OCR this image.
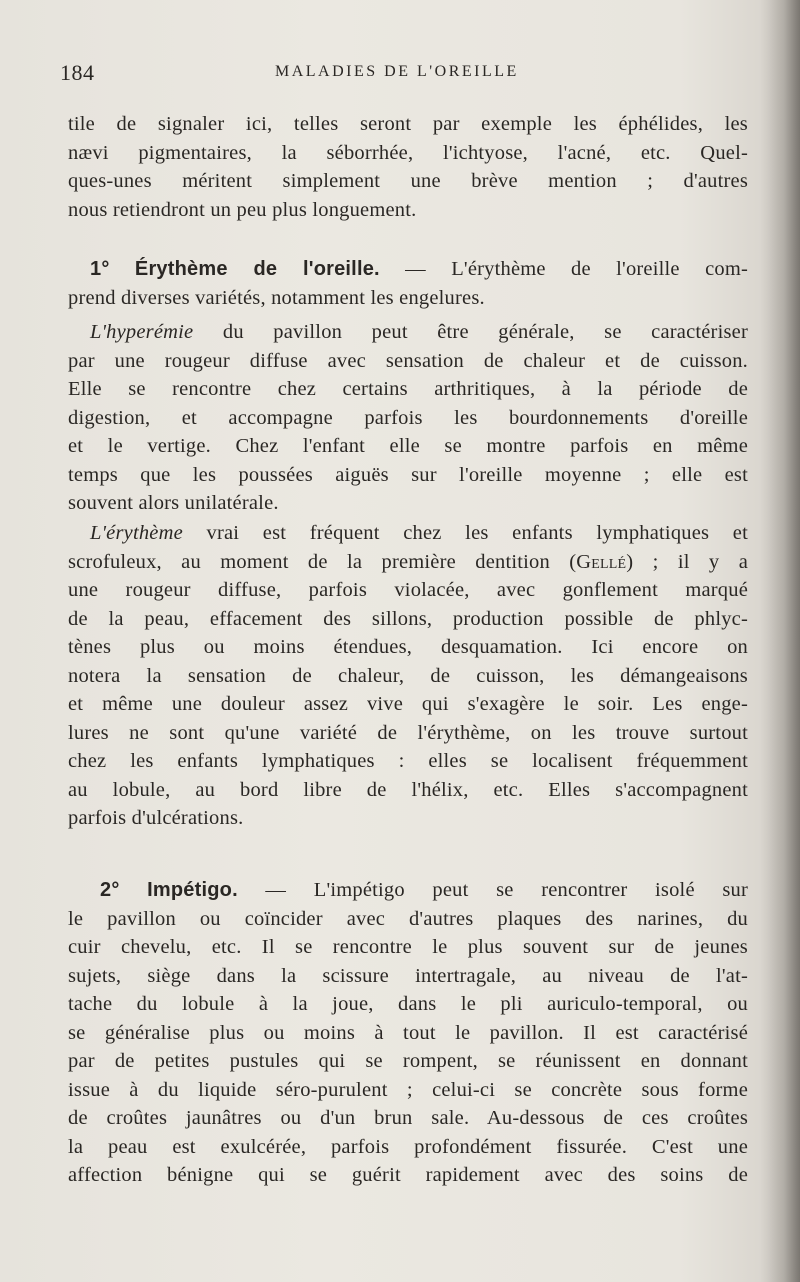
184	MALADIES DE L'OREILLE
tile de signaler ici, telles seront par exemple les éphélides, les
nævi pigmentaires, la séborrhée, l'ichtyose, l'acné, etc. Quel-
ques-unes méritent simplement une brève mention ; d'autres
nous retiendront un peu plus longuement.
1° Érythème de l'oreille. — L'érythème de l'oreille com-
prend diverses variétés, notamment les engelures.
L'hyperémie du pavillon peut être générale, se caractériser
par une rougeur diffuse avec sensation de chaleur et de cuisson.
Elle se rencontre chez certains arthritiques, à la période de
digestion, et accompagne parfois les bourdonnements d'oreille
et le vertige. Chez l'enfant elle se montre parfois en même
temps que les poussées aiguës sur l'oreille moyenne ; elle est
souvent alors unilatérale.
L'érythème vrai est fréquent chez les enfants lymphatiques et
scrofuleux, au moment de la première dentition (Gellé) ; il y a
une rougeur diffuse, parfois violacée, avec gonflement marqué
de la peau, effacement des sillons, production possible de phlyc-
tènes plus ou moins étendues, desquamation. Ici encore on
notera la sensation de chaleur, de cuisson, les démangeaisons
et même une douleur assez vive qui s'exagère le soir. Les enge-
lures ne sont qu'une variété de l'érythème, on les trouve surtout
chez les enfants lymphatiques : elles se localisent fréquemment
au lobule, au bord libre de l'hélix, etc. Elles s'accompagnent
parfois d'ulcérations.
2° Impétigo. — L'impétigo peut se rencontrer isolé sur
le pavillon ou coïncider avec d'autres plaques des narines, du
cuir chevelu, etc. Il se rencontre le plus souvent sur de jeunes
sujets, siège dans la scissure intertragale, au niveau de l'at-
tache du lobule à la joue, dans le pli auriculo-temporal, ou
se généralise plus ou moins à tout le pavillon. Il est caractérisé
par de petites pustules qui se rompent, se réunissent en donnant
issue à du liquide séro-purulent ; celui-ci se concrète sous forme
de croûtes jaunâtres ou d'un brun sale. Au-dessous de ces croûtes
la peau est exulcérée, parfois profondément fissurée. C'est une
affection bénigne qui se guérit rapidement avec des soins de
